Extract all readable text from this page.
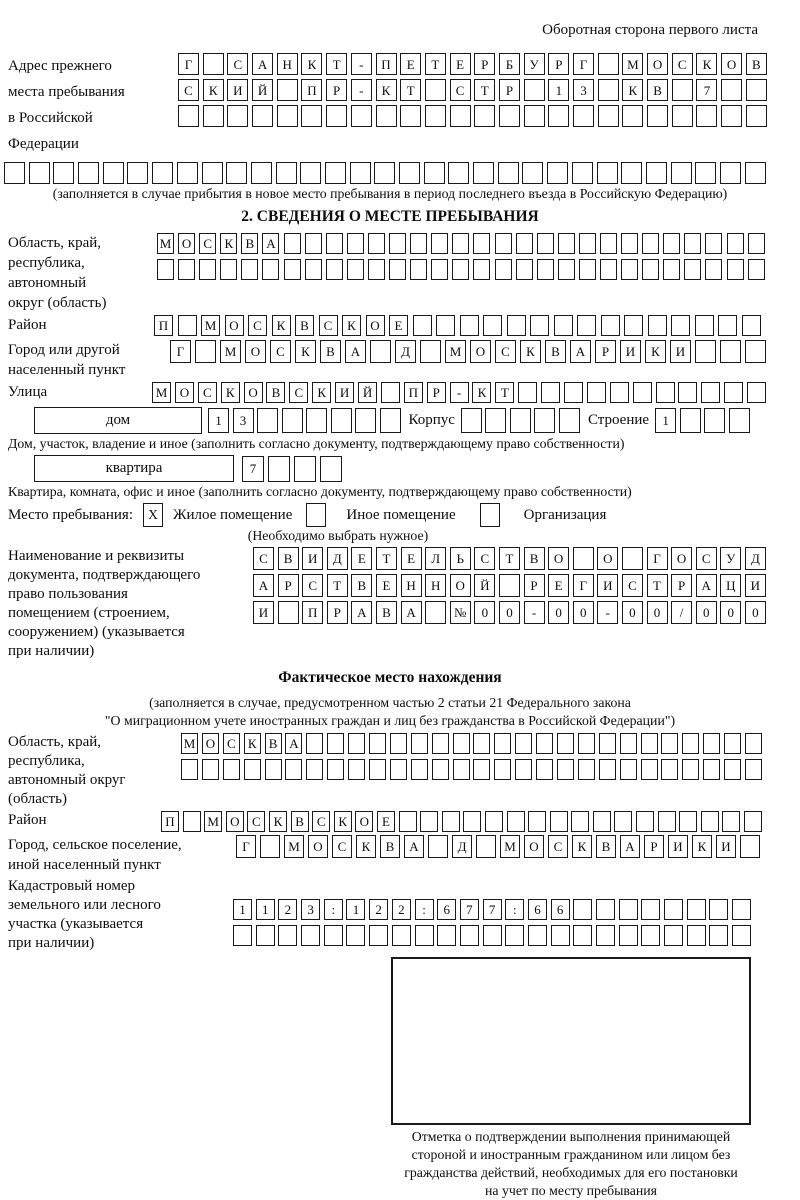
Оборотная сторона первого листа
Адрес прежнего
места пребывания
в Российской
Федерации
Г	С	А	Н	К	Т	-	П	Е	Т	Е	Р	Б	У	Р	Г	М	О	С	К	О	В
С	К	И	Й	П	Р	-	К	Т	С	Т	Р	1	3	К	В	7
(заполняется в случае прибытия в новое место пребывания в период последнего въезда в Российскую Федерацию)
2. СВЕДЕНИЯ О МЕСТЕ ПРЕБЫВАНИЯ
Область, край,
республика,
автономный
округ (область)
М О С К В А
Район	П	М	О	С	К	В	С	К	О	Е
Город или другой
населенный пункт
Г	М	О	С	К	В	А	Д	М	О	С	К	В	А	Р	И	К	И
Улица	М О	С	К	О	В	С	К	И	Й	П	Р	-	К	Т
дом	1	3	Корпус	Строение	1
Дом, участок, владение и иное (заполнить согласно документу, подтверждающему право собственности)
квартира	7
Квартира, комната, офис и иное (заполнить согласно документу, подтверждающему право собственности)
Место пребывания:	X	Жилое помещение	Иное помещение	Организация
(Необходимо выбрать нужное)
Наименование и реквизиты
документа, подтверждающего
право пользования
помещением (строением,
сооружением) (указывается
при наличии)
С	В	И	Д	Е	Т	Е	Л	Ь	С	Т	В	О	О	Г	О	С	У	Д
А	Р	С	Т	В	Е	Н	Н	О	Й	Р	Е	Г	И	С	Т	Р	А	Ц	И
И	П	Р	А	В	А	№	0	0	-	0	0	-	0	0	/	0	0	0
Фактическое место нахождения
(заполняется в случае, предусмотренном частью 2 статьи 21 Федерального закона
"О миграционном учете иностранных граждан и лиц без гражданства в Российской Федерации")
Область, край,
республика,
автономный округ
(область)
М О С К В А
Район	П	М О С К В С К О Е
Город, сельское поселение,
иной населенный пункт
Г	М	О	С	К	В	А	Д	М	О	С	К	В	А	Р	И	К	И
Кадастровый номер
земельного или лесного
участка (указывается
при наличии)
1	1	2	3	:	1	2	2	:	6	7	7	:	6	6
Отметка о подтверждении выполнения принимающей
стороной и иностранным гражданином или лицом без
гражданства действий, необходимых для его постановки
на учет по месту пребывания
